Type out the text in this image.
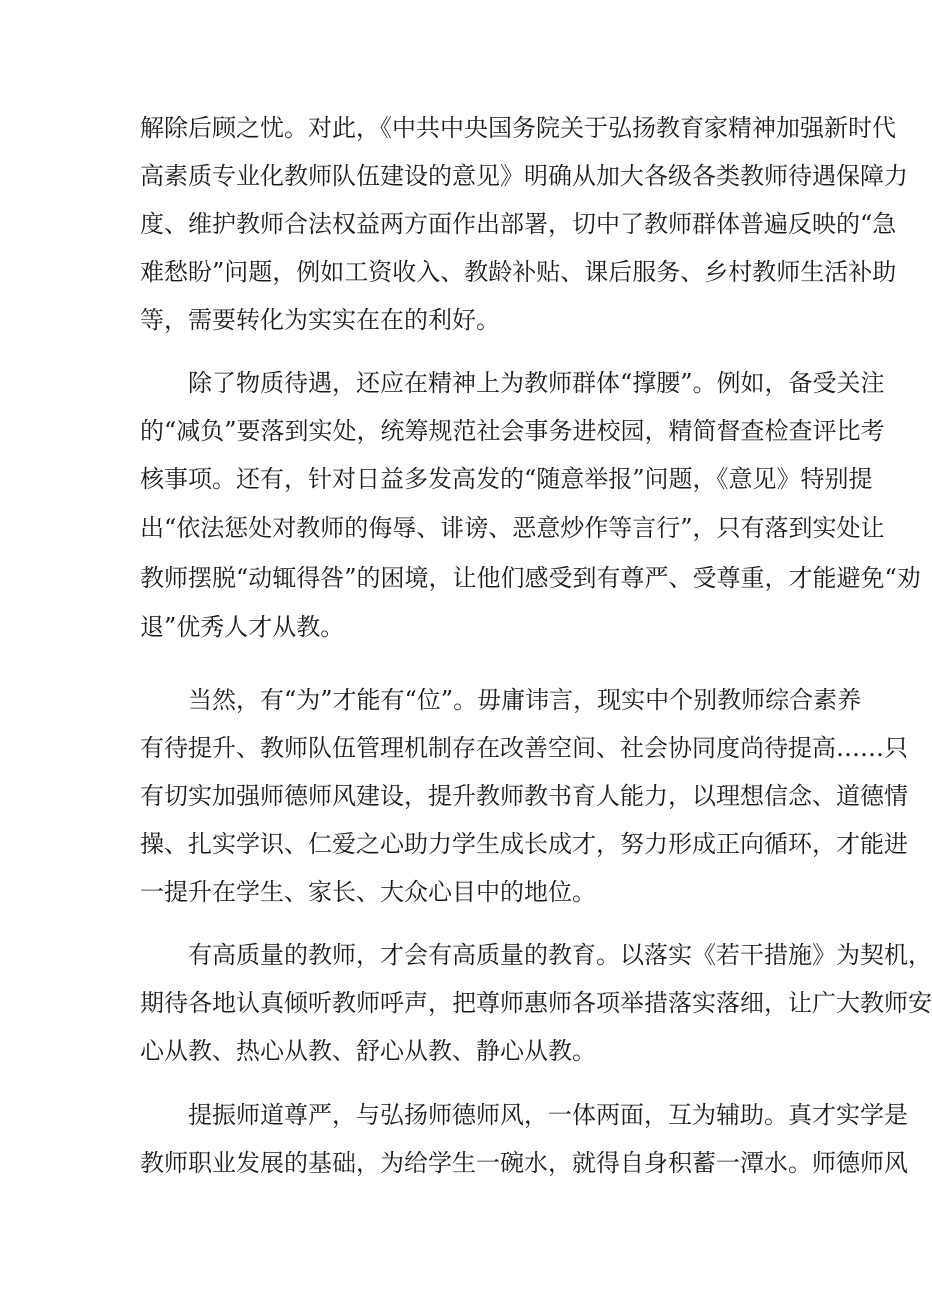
解除后顾之忧。对此，《中共中央国务院关于弘扬教育家精神加强新时代
高素质专业化教师队伍建设的意见》明确从加大各级各类教师待遇保障力
度、维护教师合法权益两方面作出部署，切中了教师群体普遍反映的“急
难愁盼”问题，例如工资收入、教龄补贴、课后服务、乡村教师生活补助
等，需要转化为实实在在的利好。
除了物质待遇，还应在精神上为教师群体“撑腰”。例如，备受关注
的“减负”要落到实处，统筹规范社会事务进校园，精简督查检查评比考
核事项。还有，针对日益多发高发的“随意举报”问题，《意见》特别提
出“依法惩处对教师的侮辱、诽谤、恶意炒作等言行”，只有落到实处让
教师摆脱“动辄得咎”的困境，让他们感受到有尊严、受尊重，才能避免“劝
退”优秀人才从教。
当然，有“为”才能有“位”。毋庸讳言，现实中个别教师综合素养
有待提升、教师队伍管理机制存在改善空间、社会协同度尚待提高……只
有切实加强师德师风建设，提升教师教书育人能力，以理想信念、道德情
操、扎实学识、仁爱之心助力学生成长成才，努力形成正向循环，才能进
一提升在学生、家长、大众心目中的地位。
有高质量的教师，才会有高质量的教育。以落实《若干措施》为契机，
期待各地认真倾听教师呼声，把尊师惠师各项举措落实落细，让广大教师安
心从教、热心从教、舒心从教、静心从教。
提振师道尊严，与弘扬师德师风，一体两面，互为辅助。真才实学是
教师职业发展的基础，为给学生一碗水，就得自身积蓄一潭水。师德师风
